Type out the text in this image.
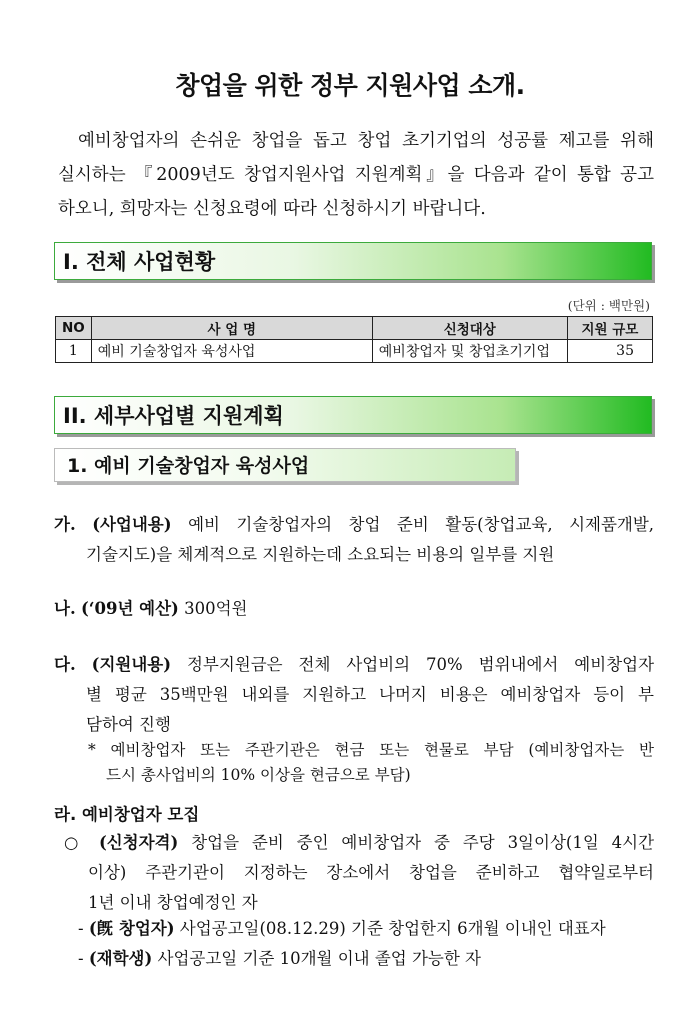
창업을 위한 정부 지원사업 소개.
예비창업자의 손쉬운 창업을 돕고 창업 초기기업의 성공률 제고를 위해
실시하는 『2009년도 창업지원사업 지원계획』을 다음과 같이 통합 공고
하오니, 희망자는 신청요령에 따라 신청하시기 바랍니다.
I. 전체 사업현황
(단위 : 백만원)
NO	사 업 명	신청대상	지원 규모
1	예비 기술창업자 육성사업	예비창업자 및 창업초기기업	35
II. 세부사업별 지원계획
1. 예비 기술창업자 육성사업
가. (사업내용) 예비 기술창업자의 창업 준비 활동(창업교육, 시제품개발,
기술지도)을 체계적으로 지원하는데 소요되는 비용의 일부를 지원
나. (‘09년 예산) 300억원
다. (지원내용) 정부지원금은 전체 사업비의 70% 범위내에서 예비창업자
별 평균 35백만원 내외를 지원하고 나머지 비용은 예비창업자 등이 부
담하여 진행
* 예비창업자 또는 주관기관은 현금 또는 현물로 부담 (예비창업자는 반
드시 총사업비의 10% 이상을 현금으로 부담)
라. 예비창업자 모집
○ (신청자격) 창업을 준비 중인 예비창업자 중 주당 3일이상(1일 4시간
이상) 주관기관이 지정하는 장소에서 창업을 준비하고 협약일로부터
1년 이내 창업예정인 자
- (旣 창업자) 사업공고일(08.12.29) 기준 창업한지 6개월 이내인 대표자
- (재학생) 사업공고일 기준 10개월 이내 졸업 가능한 자
